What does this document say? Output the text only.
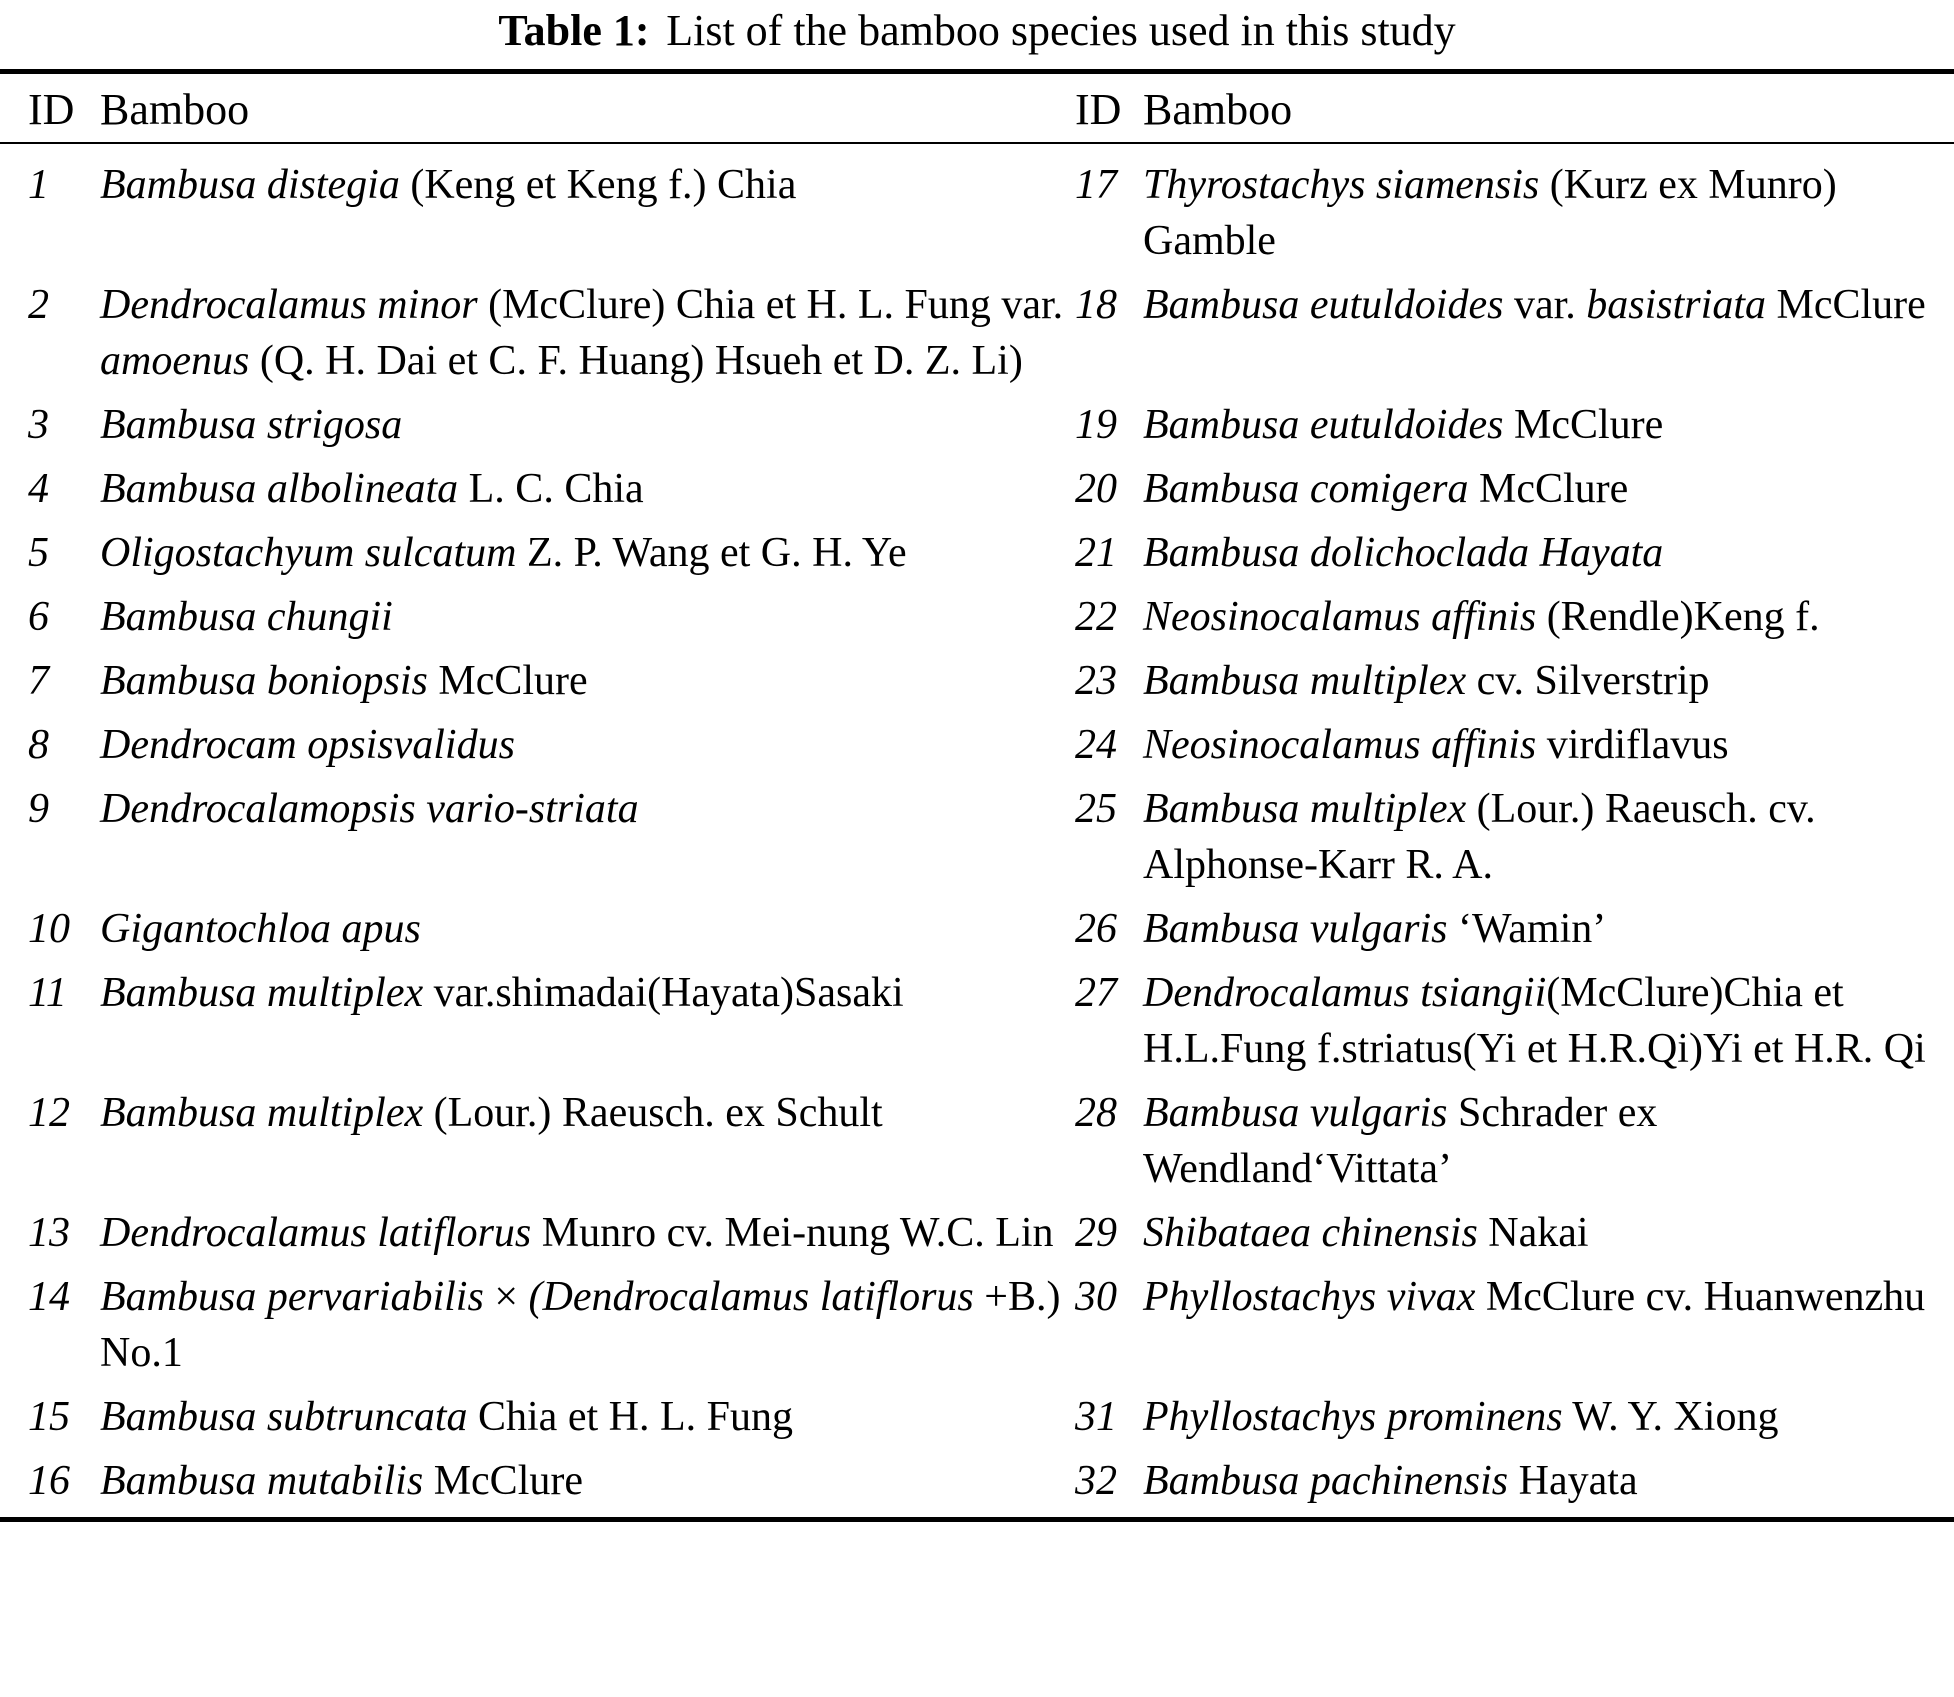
Table 1: List of the bamboo species used in this study
ID	Bamboo	ID	Bamboo
1	Bambusa distegia (Keng et Keng f.) Chia	17	Thyrostachys siamensis (Kurz ex Munro) Gamble
2	Dendrocalamus minor (McClure) Chia et H. L. Fung var. amoenus (Q. H. Dai et C. F. Huang) Hsueh et D. Z. Li)	18	Bambusa eutuldoides var. basistriata McClure
3	Bambusa strigosa	19	Bambusa eutuldoides McClure
4	Bambusa albolineata L. C. Chia	20	Bambusa comigera McClure
5	Oligostachyum sulcatum Z. P. Wang et G. H. Ye	21	Bambusa dolichoclada Hayata
6	Bambusa chungii	22	Neosinocalamus affinis (Rendle)Keng f.
7	Bambusa boniopsis McClure	23	Bambusa multiplex cv. Silverstrip
8	Dendrocam opsisvalidus	24	Neosinocalamus affinis virdiflavus
9	Dendrocalamopsis vario-striata	25	Bambusa multiplex (Lour.) Raeusch. cv. Alphonse-Karr R. A.
10	Gigantochloa apus	26	Bambusa vulgaris ‘Wamin’
11	Bambusa multiplex var.shimadai(Hayata)Sasaki	27	Dendrocalamus tsiangii(McClure)Chia et H.L.Fung f.striatus(Yi et H.R.Qi)Yi et H.R. Qi
12	Bambusa multiplex (Lour.) Raeusch. ex Schult	28	Bambusa vulgaris Schrader ex Wendland‘Vittata’
13	Dendrocalamus latiflorus Munro cv. Mei-nung W.C. Lin	29	Shibataea chinensis Nakai
14	Bambusa pervariabilis × (Dendrocalamus latiflorus +B.) No.1	30	Phyllostachys vivax McClure cv. Huanwenzhu
15	Bambusa subtruncata Chia et H. L. Fung	31	Phyllostachys prominens W. Y. Xiong
16	Bambusa mutabilis McClure	32	Bambusa pachinensis Hayata
